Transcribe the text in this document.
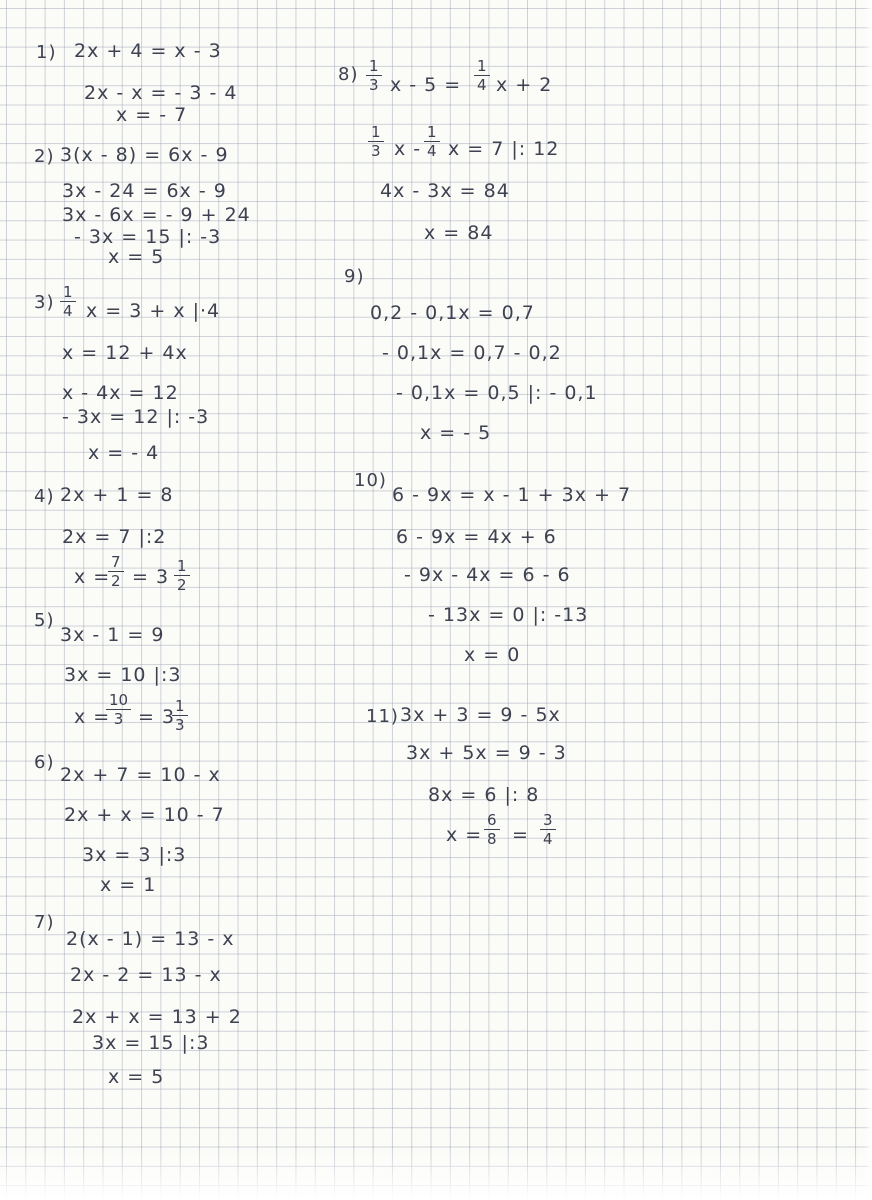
1) 2x + 4 = x - 3
2x - x = - 3 - 4
x = - 7
2) 3(x - 8) = 6x - 9
3x - 24 = 6x - 9
3x - 6x = - 9 + 24
- 3x = 15 |: -3
x = 5
$3) \frac{1}{4}$ x = 3 + x |·4
x = 12 + 4x
x - 4x = 12
- 3x = 12 |: -3
x = - 4
4) 2x + 1 = 8
2x = 7 |:2
x =
$\frac{7}{2} = 3 \frac{1}{2}$
5)
3x - 1 = 9
3x = 10 |:3
x =
$\frac{10}{3} = 3$
$\frac{1}{3}$
6)
2x + 7 = 10 - x
2x + x = 10 - 7
3x = 3 |:3
x = 1
7)
2(x - 1) = 13 - x
2x - 2 = 13 - x
2x + x = 13 + 2
3x = 15 |:3
x = 5
$8) \frac{1}{3}$ $x - 5 = \frac{1}{4}$ x + 2
$\frac{1}{3}$ x - $\frac{1}{4}$ x = 7 |: 12
4x - 3x = 84
x = 84
9)
0,2 - 0,1x = 0,7
- 0,1x = 0,7 - 0,2
- 0,1x = 0,5 |: - 0,1
x = - 5
10)
6 - 9x = x - 1 + 3x + 7
6 - 9x = 4x + 6
- 9x - 4x = 6 - 6
- 13x = 0 |: -13
x = 0
11) 3x + 3 = 9 - 5x
3x + 5x = 9 - 3
8x = 6 |: 8
$x = \frac{6}{8} = \frac{3}{4}$
